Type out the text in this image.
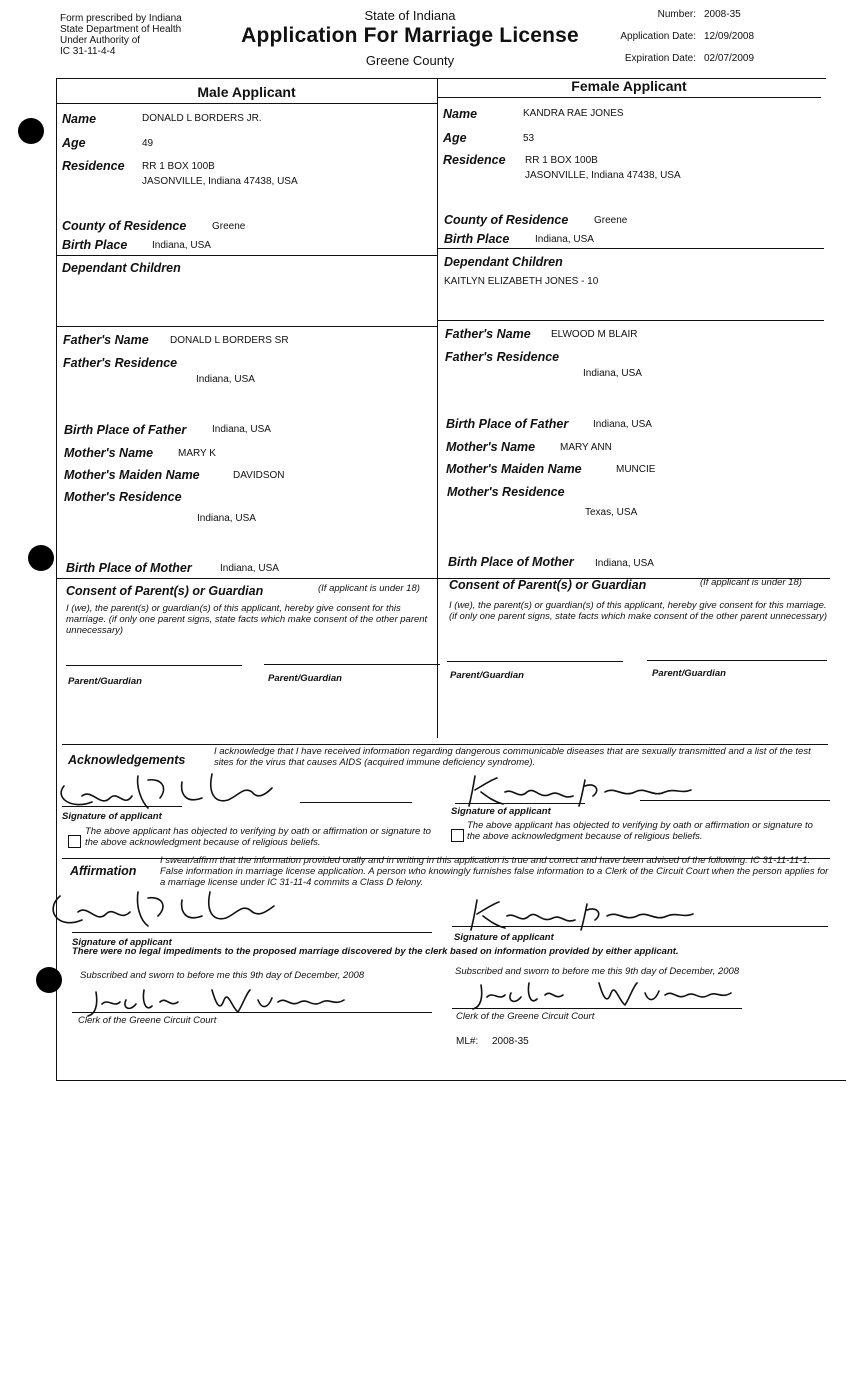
Form prescribed by Indiana
State Department of Health
Under Authority of
IC 31-11-4-4
State of Indiana
Application For Marriage License
Greene County
Number: 2008-35
Application Date: 12/09/2008
Expiration Date: 02/07/2009
Male Applicant	Female Applicant
Name	DONALD L BORDERS JR.
Age	49
Residence RR 1 BOX 100B
JASONVILLE, Indiana 47438, USA
County of Residence	Greene
Birth Place Indiana, USA
Dependant Children
Father's Name DONALD L BORDERS SR
Father's Residence
Indiana, USA
Birth Place of Father	Indiana, USA
Mother's Name MARY K
Mother's Maiden Name	DAVIDSON
Mother's Residence
Indiana, USA
Birth Place of Mother	Indiana, USA
Name	KANDRA RAE JONES
Age	53
Residence RR 1 BOX 100B
JASONVILLE, Indiana 47438, USA
County of Residence	Greene
Birth Place	Indiana, USA
Dependant Children
KAITLYN ELIZABETH JONES - 10
Father's Name ELWOOD M BLAIR
Father's Residence
Indiana, USA
Birth Place of Father Indiana, USA
Mother's Name MARY ANN
Mother's Maiden Name	MUNCIE
Mother's Residence
Texas, USA
Birth Place of Mother Indiana, USA
Consent of Parent(s) or Guardian	(If applicant is under 18)
I (we), the parent(s) or guardian(s) of this applicant, hereby give consent for this marriage. (if only one parent signs, state facts which make consent of the other parent unnecessary)
Parent/Guardian	Parent/Guardian
Consent of Parent(s) or Guardian	(If applicant is under 18)
I (we), the parent(s) or guardian(s) of this applicant, hereby give consent for this marriage. (if only one parent signs, state facts which make consent of the other parent unnecessary)
Parent/Guardian	Parent/Guardian
Acknowledgements
I acknowledge that I have received information regarding dangerous communicable diseases that are sexually transmitted and a list of the test sites for the virus that causes AIDS (acquired immune deficiency syndrome).
Signature of applicant
The above applicant has objected to verifying by oath or affirmation or signature to the above acknowledgment because of religious beliefs.
Signature of applicant
The above applicant has objected to verifying by oath or affirmation or signature to the above acknowledgment because of religious beliefs.
Affirmation
I swear/affirm that the information provided orally and in writing in this application is true and correct and have been advised of the following: IC 31-11-11-1. False information in marriage license application. A person who knowingly furnishes false information to a Clerk of the Circuit Court when the person applies for a marriage license under IC 31-11-4 commits a Class D felony.
Signature of applicant	Signature of applicant
There were no legal impediments to the proposed marriage discovered by the clerk based on information provided by either applicant.
Subscribed and sworn to before me this 9th day of December, 2008
Clerk of the Greene Circuit Court
Subscribed and sworn to before me this 9th day of December, 2008
Clerk of the Greene Circuit Court
ML#: 2008-35
